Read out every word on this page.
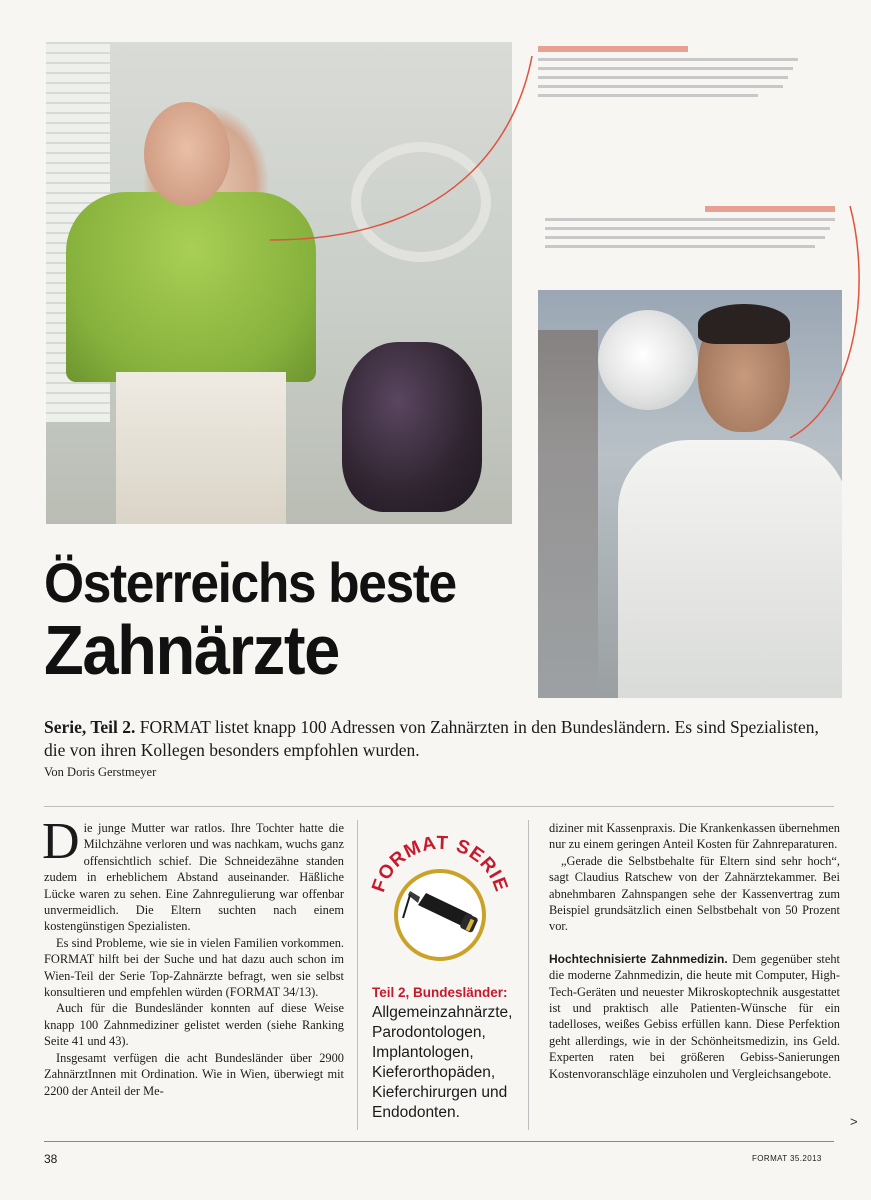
Österreichs beste
Zahnärzte
Serie, Teil 2. FORMAT listet knapp 100 Adressen von Zahnärzten in den Bundesländern. Es sind Spezialisten, die von ihren Kollegen besonders empfohlen wurden.
Von Doris Gerstmeyer

Die junge Mutter war ratlos. Ihre Tochter hatte die Milchzähne verloren und was nachkam, wuchs ganz offensichtlich schief. Die Schneidezähne standen zudem in erheblichem Abstand auseinander. Häßliche Lücke waren zu sehen. Eine Zahnregulierung war offenbar unvermeidlich. Die Eltern suchten nach einem kostengünstigen Spezialisten.

Es sind Probleme, wie sie in vielen Familien vorkommen. FORMAT hilft bei der Suche und hat dazu auch schon im Wien-Teil der Serie Top-Zahnärzte befragt, wen sie selbst konsultieren und empfehlen würden (FORMAT 34/13).

Auch für die Bundesländer konnten auf diese Weise knapp 100 Zahnmediziner gelistet werden (siehe Ranking Seite 41 und 43).

Insgesamt verfügen die acht Bundesländer über 2900 ZahnärztInnen mit Ordination. Wie in Wien, überwiegt mit 2200 der Anteil der Me-

FORMAT SERIE
Teil 2, Bundesländer:
Allgemeinzahnärzte, Parodontologen, Implantologen, Kieferorthopäden, Kieferchirurgen und Endodonten.

diziner mit Kassenpraxis. Die Krankenkassen übernehmen nur zu einem geringen Anteil Kosten für Zahnreparaturen.

„Gerade die Selbstbehalte für Eltern sind sehr hoch“, sagt Claudius Ratschew von der Zahnärztekammer. Bei abnehmbaren Zahnspangen sehe der Kassenvertrag zum Beispiel grundsätzlich einen Selbstbehalt von 50 Prozent vor.

Hochtechnisierte Zahnmedizin. Dem gegenüber steht die moderne Zahnmedizin, die heute mit Computer, High-Tech-Geräten und neuester Mikroskoptechnik ausgestattet ist und praktisch alle Patienten-Wünsche für ein tadelloses, weißes Gebiss erfüllen kann. Diese Perfektion geht allerdings, wie in der Schönheitsmedizin, ins Geld. Experten raten bei größeren Gebiss-Sanierungen Kostenvoranschläge einzuholen und Vergleichsangebote.

>
38	FORMAT 35.2013
